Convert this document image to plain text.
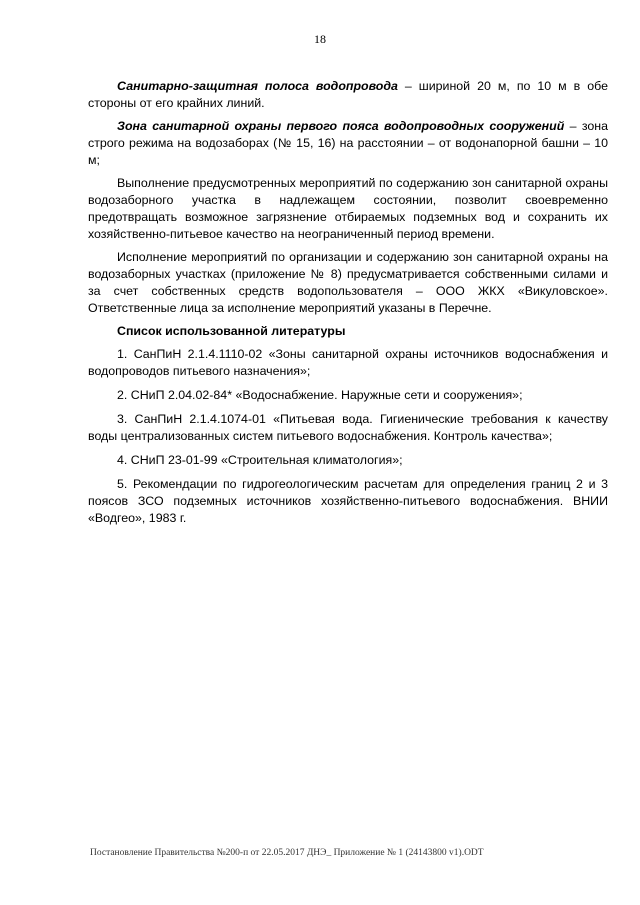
18

Санитарно-защитная полоса водопровода – шириной 20 м, по 10 м в обе стороны от его крайних линий.

Зона санитарной охраны первого пояса водопроводных сооружений – зона строго режима на водозаборах (№ 15, 16) на расстоянии – от водонапорной башни – 10 м;

Выполнение предусмотренных мероприятий по содержанию зон санитарной охраны водозаборного участка в надлежащем состоянии, позволит своевременно предотвращать возможное загрязнение отбираемых подземных вод и сохранить их хозяйственно-питьевое качество на неограниченный период времени.

Исполнение мероприятий по организации и содержанию зон санитарной охраны на водозаборных участках (приложение № 8) предусматривается собственными силами и за счет собственных средств водопользователя – ООО ЖКХ «Викуловское». Ответственные лица за исполнение мероприятий указаны в Перечне.

Список использованной литературы

1. СанПиН 2.1.4.1110-02 «Зоны санитарной охраны источников водоснабжения и водопроводов питьевого назначения»;

2. СНиП 2.04.02-84* «Водоснабжение. Наружные сети и сооружения»;

3. СанПиН 2.1.4.1074-01 «Питьевая вода. Гигиенические требования к качеству воды централизованных систем питьевого водоснабжения. Контроль качества»;

4. СНиП 23-01-99 «Строительная климатология»;

5. Рекомендации по гидрогеологическим расчетам для определения границ 2 и 3 поясов ЗСО подземных источников хозяйственно-питьевого водоснабжения. ВНИИ «Водгео», 1983 г.

Постановление Правительства №200-п от 22.05.2017 ДНЭ_ Приложение № 1 (24143800 v1).ODT
